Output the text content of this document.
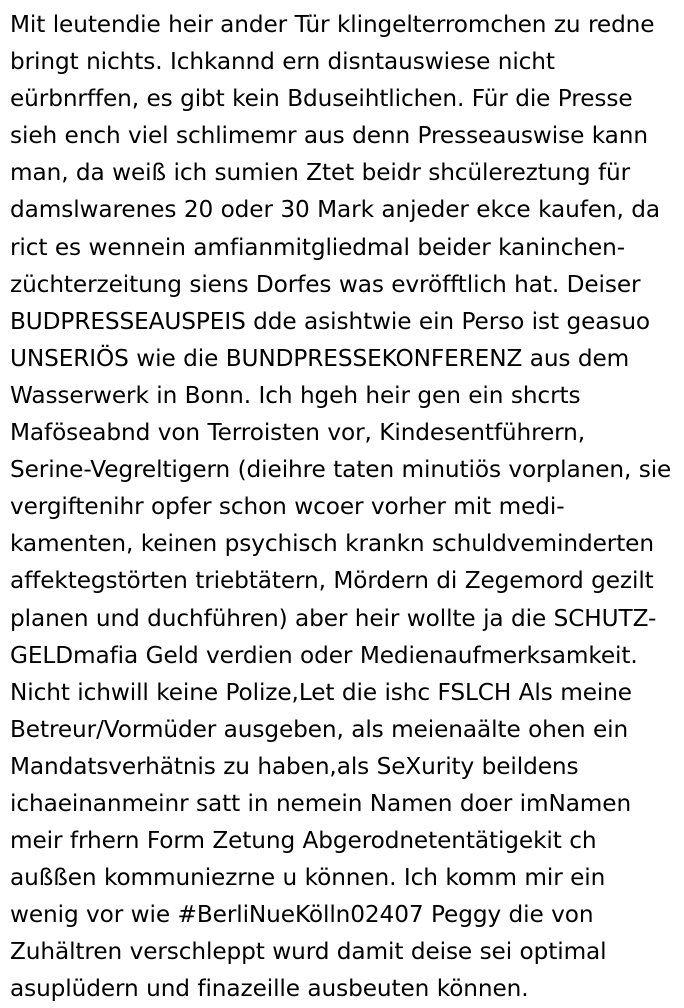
Mit leutendie heir ander Tür klingelterromchen zu redne bringt nichts. Ichkannd ern disntauswiese nicht eürbnrffen, es gibt kein Bduseihtlichen. Für die Presse sieh ench viel schlimemr aus denn Presseauswise kann man, da weiß ich sumien Ztet beidr shcülereztung für damslwarenes 20 oder 30 Mark anjeder ekce kaufen, da rict es wennein amfianmitgliedmal beider kaninchen-züchterzeitung siens Dorfes was evröfftlich hat. Deiser BUDPRESSEAUSPEIS ddе asishtwie ein Perso ist geasuo UNSERIÖS wie die BUNDPRESSEKONFERENZ aus dem Wasserwerk in Bonn. Ich hgeh heir gen ein shcrts Maföseabnd von Terroisten vor, Kindesentführern, Serine-Vegreltigern (dieihre taten minutiös vorplanen, sie vergiftenihr opfer schon wcoer vorher mit medi-kamenten, keinen psychisch krankn schuldveminderten affektegstörten triebtätern, Mördern di Zegemord gezilt planen und duchführen) aber heir wollte ja die SCHUTZ-GELDmafia Geld verdien oder Medienaufmerksamkeit. Nicht ichwill keine Polize,Let die ishc FSLCH Als meine Betreur/Vormüder ausgeben, als meienaälte ohen ein Mandatsverhätnis zu haben,als SeXurity beildens ichaeinanmeinr satt in nemein Namen doer imNamen meir frhern Form Zetung Abgerodnetentätigekit ch außßen kommuniezrne u können. Ich komm mir ein wenig vor wie #BerliNueKölln02407 Peggy die von Zuhältren verschleppt wurd damit deise sei optimal asuplüdern und finazeille ausbeuten können.
